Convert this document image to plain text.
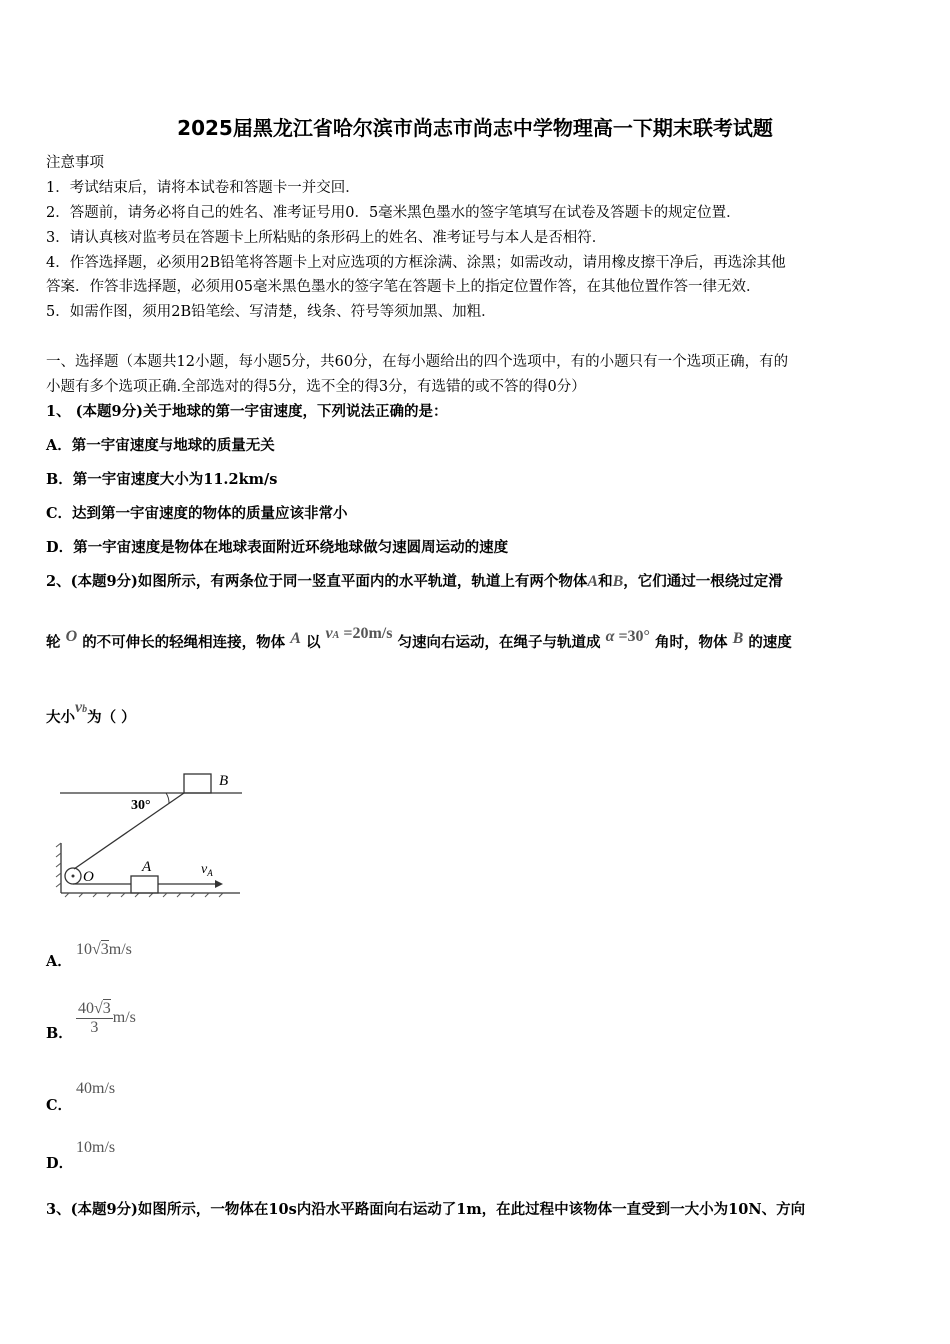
2025届黑龙江省哈尔滨市尚志市尚志中学物理高一下期末联考试题
注意事项
1．考试结束后，请将本试卷和答题卡一并交回．
2．答题前，请务必将自己的姓名、准考证号用0．5毫米黑色墨水的签字笔填写在试卷及答题卡的规定位置．
3．请认真核对监考员在答题卡上所粘贴的条形码上的姓名、准考证号与本人是否相符．
4．作答选择题，必须用2B铅笔将答题卡上对应选项的方框涂满、涂黑；如需改动，请用橡皮擦干净后，再选涂其他
答案．作答非选择题，必须用05毫米黑色墨水的签字笔在答题卡上的指定位置作答，在其他位置作答一律无效．
5．如需作图，须用2B铅笔绘、写清楚，线条、符号等须加黑、加粗．
一、选择题（本题共12小题，每小题5分，共60分，在每小题给出的四个选项中，有的小题只有一个选项正确，有的
小题有多个选项正确.全部选对的得5分，选不全的得3分，有选错的或不答的得0分）
1、 (本题9分)关于地球的第一宇宙速度，下列说法正确的是：
A．第一宇宙速度与地球的质量无关
B．第一宇宙速度大小为11.2km/s
C．达到第一宇宙速度的物体的质量应该非常小
D．第一宇宙速度是物体在地球表面附近环绕地球做匀速圆周运动的速度
2、(本题9分)如图所示，有两条位于同一竖直平面内的水平轨道，轨道上有两个物体A和B，它们通过一根绕过定滑
轮 O 的不可伸长的轻绳相连接，物体 A 以 vA =20m/s 匀速向右运动，在绳子与轨道成 α =30° 角时，物体 B 的速度
大小vb为（ ）
B
30°
O
A	$v_A$
A．
10√3m/s
B． $\frac{40√3}{3} m/s$
C．
40m/s
D．
10m/s
3、(本题9分)如图所示，一物体在10s内沿水平路面向右运动了1m，在此过程中该物体一直受到一大小为10N、方向
